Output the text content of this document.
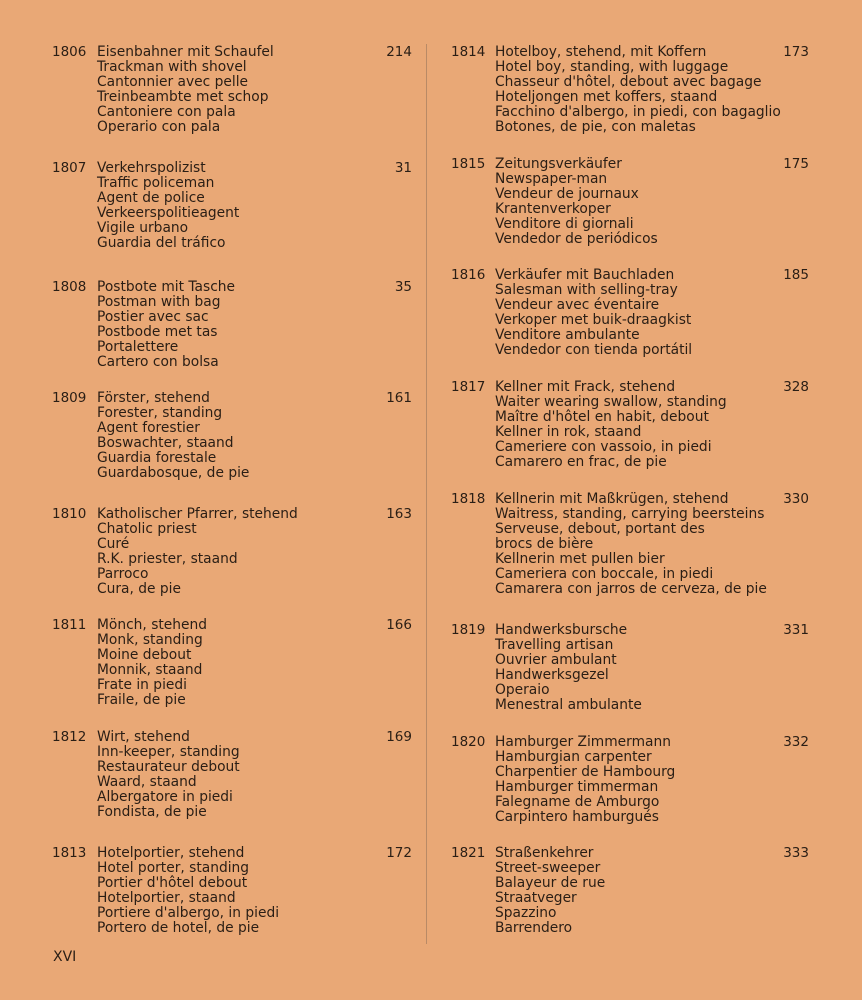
1806 Eisenbahner mit Schaufel
Trackman with shovel
Cantonnier avec pelle
Treinbeambte met schop
Cantoniere con pala
Operario con pala
214
1807 Verkehrspolizist
Traffic policeman
Agent de police
Verkeerspolitieagent
Vigile urbano
Guardia del tráfico
31
1808 Postbote mit Tasche
Postman with bag
Postier avec sac
Postbode met tas
Portalettere
Cartero con bolsa
35
1809 Förster, stehend
Forester, standing
Agent forestier
Boswachter, staand
Guardia forestale
Guardabosque, de pie
161
1810 Katholischer Pfarrer, stehend
Chatolic priest
Curé
R.K. priester, staand
Parroco
Cura, de pie
163
1811 Mönch, stehend
Monk, standing
Moine debout
Monnik, staand
Frate in piedi
Fraile, de pie
166
1812 Wirt, stehend
Inn-keeper, standing
Restaurateur debout
Waard, staand
Albergatore in piedi
Fondista, de pie
169
1813 Hotelportier, stehend
Hotel porter, standing
Portier d'hôtel debout
Hotelportier, staand
Portiere d'albergo, in piedi
Portero de hotel, de pie
172
1814 Hotelboy, stehend, mit Koffern
Hotel boy, standing, with luggage
Chasseur d'hôtel, debout avec bagage
Hoteljongen met koffers, staand
Facchino d'albergo, in piedi, con bagaglio
Botones, de pie, con maletas
173
1815 Zeitungsverkäufer
Newspaper-man
Vendeur de journaux
Krantenverkoper
Venditore di giornali
Vendedor de periódicos
175
1816 Verkäufer mit Bauchladen
Salesman with selling-tray
Vendeur avec éventaire
Verkoper met buik-draagkist
Venditore ambulante
Vendedor con tienda portátil
185
1817 Kellner mit Frack, stehend
Waiter wearing swallow, standing
Maître d'hôtel en habit, debout
Kellner in rok, staand
Cameriere con vassoio, in piedi
Camarero en frac, de pie
328
1818 Kellnerin mit Maßkrügen, stehend
Waitress, standing, carrying beersteins
Serveuse, debout, portant des
brocs de bière
Kellnerin met pullen bier
Cameriera con boccale, in piedi
Camarera con jarros de cerveza, de pie
330
1819 Handwerksbursche
Travelling artisan
Ouvrier ambulant
Handwerksgezel
Operaio
Menestral ambulante
331
1820 Hamburger Zimmermann
Hamburgian carpenter
Charpentier de Hambourg
Hamburger timmerman
Falegname de Amburgo
Carpintero hamburgués
332
1821 Straßenkehrer
Street-sweeper
Balayeur de rue
Straatveger
Spazzino
Barrendero
333
XVI
